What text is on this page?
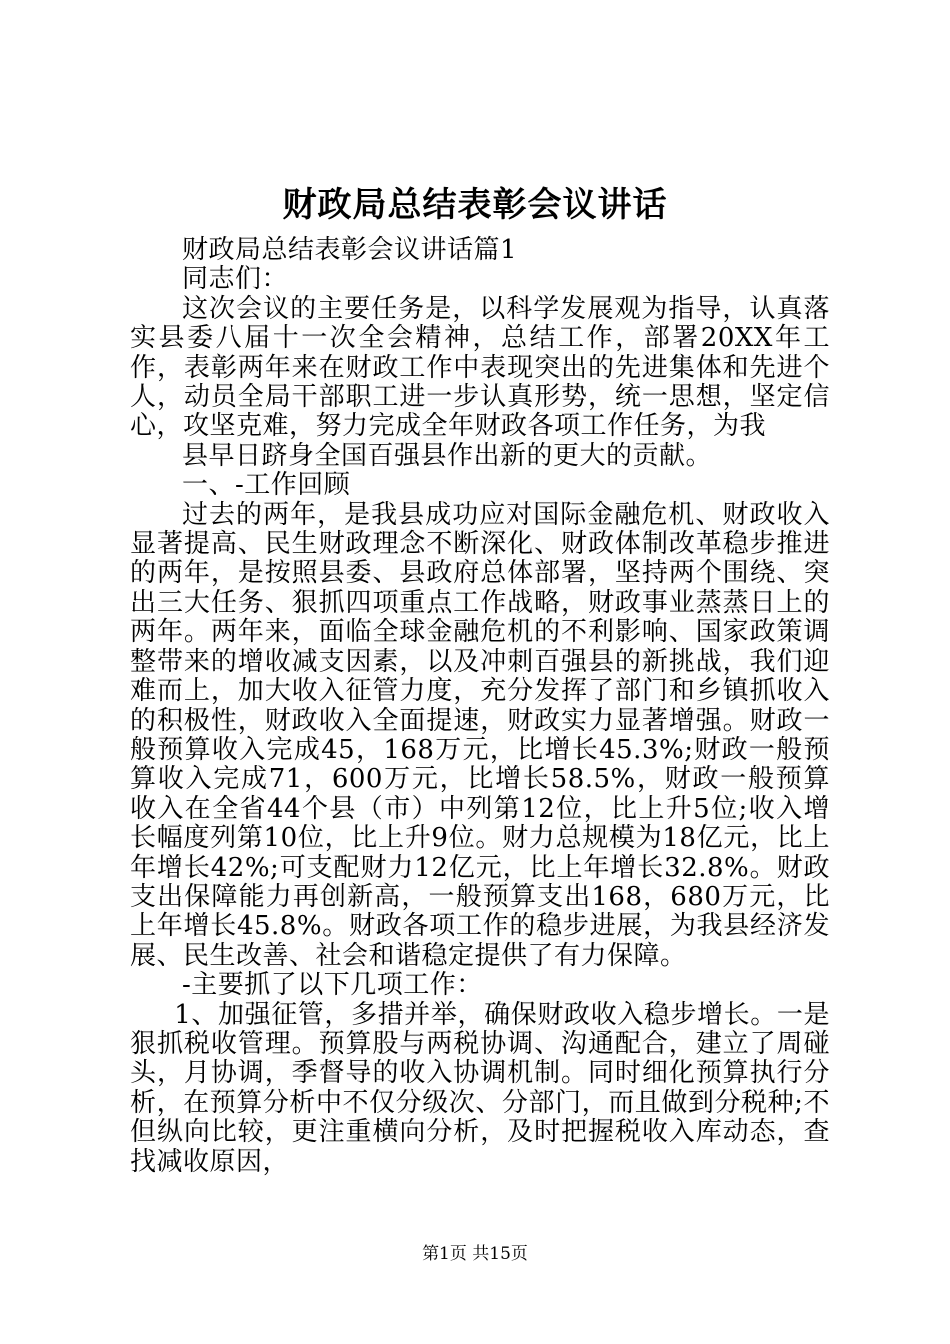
财政局总结表彰会议讲话

财政局总结表彰会议讲话篇1

同志们：

这次会议的主要任务是，以科学发展观为指导，认真落实县委八届十一次全会精神，总结工作，部署20XX年工作，表彰两年来在财政工作中表现突出的先进集体和先进个人，动员全局干部职工进一步认真形势，统一思想，坚定信心，攻坚克难，努力完成全年财政各项工作任务，为我

县早日跻身全国百强县作出新的更大的贡献。

一、-工作回顾

过去的两年，是我县成功应对国际金融危机、财政收入显著提高、民生财政理念不断深化、财政体制改革稳步推进的两年，是按照县委、县政府总体部署，坚持两个围绕、突出三大任务、狠抓四项重点工作战略，财政事业蒸蒸日上的两年。两年来，面临全球金融危机的不利影响、国家政策调整带来的增收减支因素，以及冲刺百强县的新挑战，我们迎难而上，加大收入征管力度，充分发挥了部门和乡镇抓收入的积极性，财政收入全面提速，财政实力显著增强。财政一般预算收入完成45，168万元，比增长45.3%;财政一般预算收入完成71，600万元，比增长58.5%，财政一般预算收入在全省44个县（市）中列第12位，比上升5位;收入增长幅度列第10位，比上升9位。财力总规模为18亿元，比上年增长42%;可支配财力12亿元，比上年增长32.8%。财政支出保障能力再创新高，一般预算支出168，680万元，比上年增长45.8%。财政各项工作的稳步进展，为我县经济发展、民生改善、社会和谐稳定提供了有力保障。

-主要抓了以下几项工作：

1、加强征管，多措并举，确保财政收入稳步增长。一是狠抓税收管理。预算股与两税协调、沟通配合，建立了周碰头，月协调，季督导的收入协调机制。同时细化预算执行分析，在预算分析中不仅分级次、分部门，而且做到分税种;不但纵向比较，更注重横向分析，及时把握税收入库动态，查找减收原因，

第1页 共15页
